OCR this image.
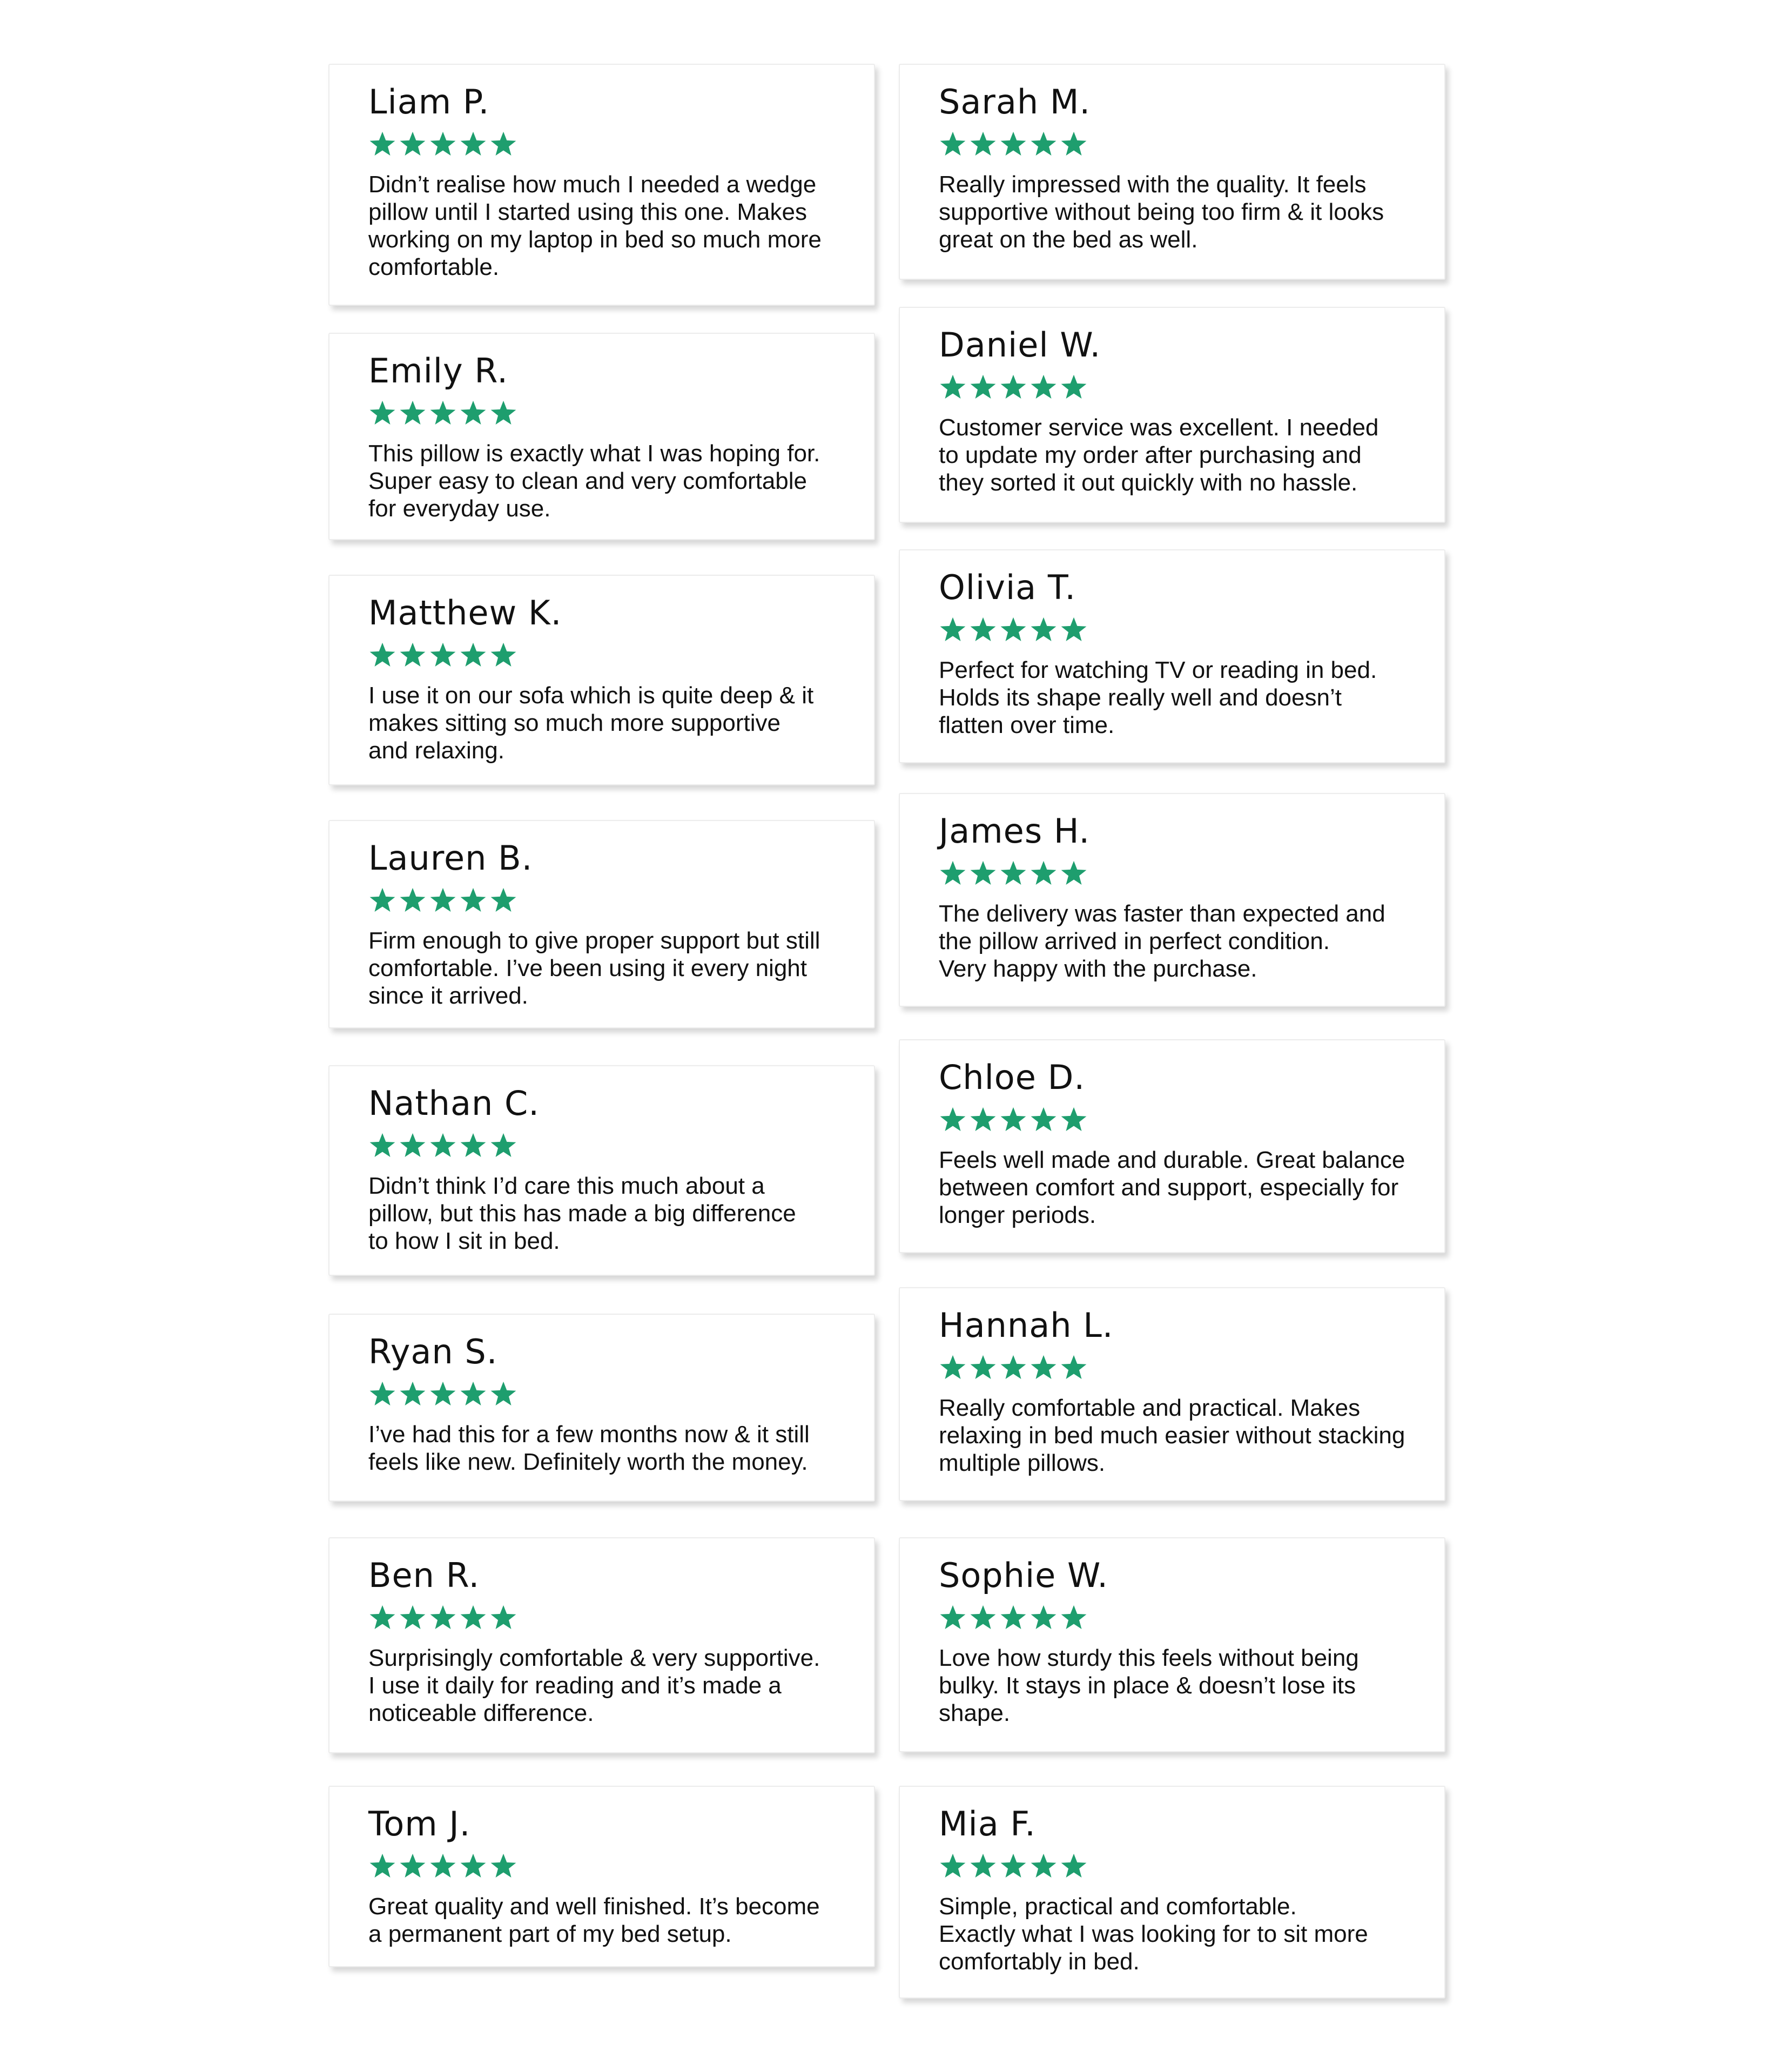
Liam P.
Didn’t realise how much I needed a wedge
pillow until I started using this one. Makes
working on my laptop in bed so much more
comfortable.
Emily R.
This pillow is exactly what I was hoping for.
Super easy to clean and very comfortable
for everyday use.
Matthew K.
I use it on our sofa which is quite deep & it
makes sitting so much more supportive
and relaxing.
Lauren B.
Firm enough to give proper support but still
comfortable. I’ve been using it every night
since it arrived.
Nathan C.
Didn’t think I’d care this much about a
pillow, but this has made a big difference
to how I sit in bed.
Ryan S.
I’ve had this for a few months now & it still
feels like new. Definitely worth the money.
Ben R.
Surprisingly comfortable & very supportive.
I use it daily for reading and it’s made a
noticeable difference.
Tom J.
Great quality and well finished. It’s become
a permanent part of my bed setup.
Sarah M.
Really impressed with the quality. It feels
supportive without being too firm & it looks
great on the bed as well.
Daniel W.
Customer service was excellent. I needed
to update my order after purchasing and
they sorted it out quickly with no hassle.
Olivia T.
Perfect for watching TV or reading in bed.
Holds its shape really well and doesn’t
flatten over time.
James H.
The delivery was faster than expected and
the pillow arrived in perfect condition.
Very happy with the purchase.
Chloe D.
Feels well made and durable. Great balance
between comfort and support, especially for
longer periods.
Hannah L.
Really comfortable and practical. Makes
relaxing in bed much easier without stacking
multiple pillows.
Sophie W.
Love how sturdy this feels without being
bulky. It stays in place & doesn’t lose its
shape.
Mia F.
Simple, practical and comfortable.
Exactly what I was looking for to sit more
comfortably in bed.
